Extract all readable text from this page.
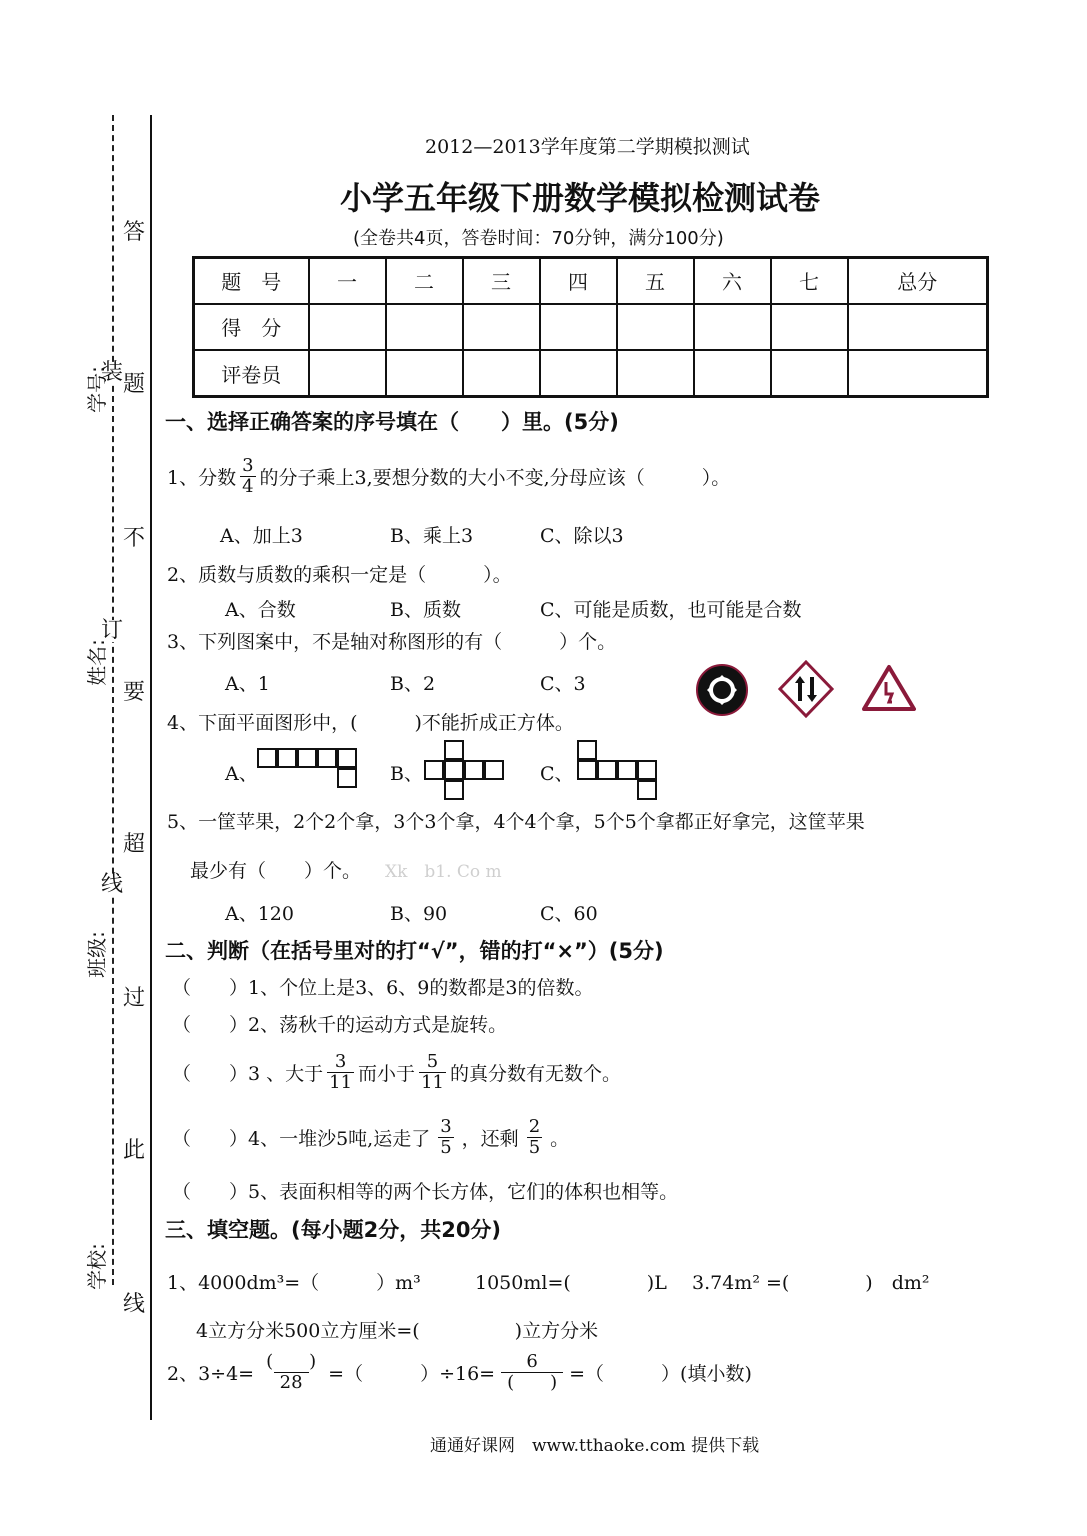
答
题
不
要
超
过
此
线
装
订
线
学号:
姓名:
班级:
学校:
2012—2013学年度第二学期模拟测试
小学五年级下册数学模拟检测试卷
(全卷共4页，答卷时间：70分钟，满分100分)
题　号	一	二	三	四	五	六	七	总分
得　分								
评卷员								
一、选择正确答案的序号填在（　　）里。(5分)
1、分数 $\frac{3}{4}$ 的分子乘上3,要想分数的大小不变,分母应该（　　　）。
A、加上3	B、乘上3	C、除以3
2、质数与质数的乘积一定是（　　　）。
A、合数	B、质数	C、可能是质数，也可能是合数
3、下列图案中，不是轴对称图形的有（　　　）个。
A、1	B、2	C、3
4、下面平面图形中，(　　　)不能折成正方体。
A、	B、	C、
5、一筐苹果，2个2个拿，3个3个拿，4个4个拿，5个5个拿都正好拿完，这筐苹果
最少有（　　）个。 Xk　b1. Co m
A、120	B、90	C、60
二、判断（在括号里对的打“√”，错的打“×”）(5分)
（　　）1、个位上是3、6、9的数都是3的倍数。
（　　）2、荡秋千的运动方式是旋转。
（　　）3 、大于 $\frac{3}{11}$ 而小于 $\frac{5}{11}$ 的真分数有无数个。
（　　）4、一堆沙5吨,运走了 $\frac{3}{5}$ ，还剩 $\frac{2}{5}$ 。
（　　）5、表面积相等的两个长方体，它们的体积也相等。
三、填空题。(每小题2分，共20分)
1、4000dm³=（　　　）m³	1050ml=(　　　　)L 3.74m² =(　　　　)　dm²
4立方分米500立方厘米=(　　　　　)立方分米
2、$3\div 4= \frac{( )}{28}$ =（　　　）$\div 16= \frac{6}{( )}$ =（　　　）(填小数)
通通好课网　www.tthaoke.com 提供下载
